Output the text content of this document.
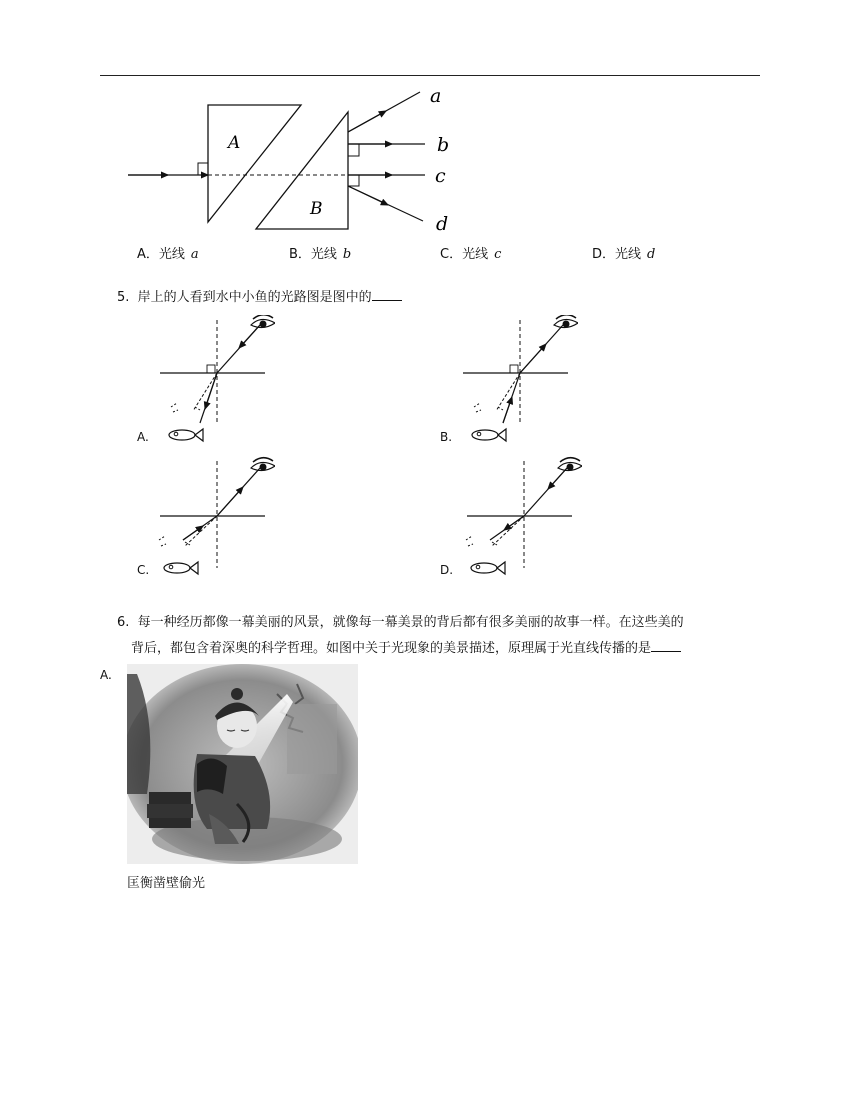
A
B
a
b
c
d
A．光线 a	B．光线 b	C．光线 c	D．光线 d
5. 岸上的人看到水中小鱼的光路图是图中的
A.	B.
C.	D.
6. 每一种经历都像一幕美丽的风景，就像每一幕美景的背后都有很多美丽的故事一样。在这些美的
背后，都包含着深奥的科学哲理。如图中关于光现象的美景描述，原理属于光直线传播的是
A.
匡衡凿壁偷光
